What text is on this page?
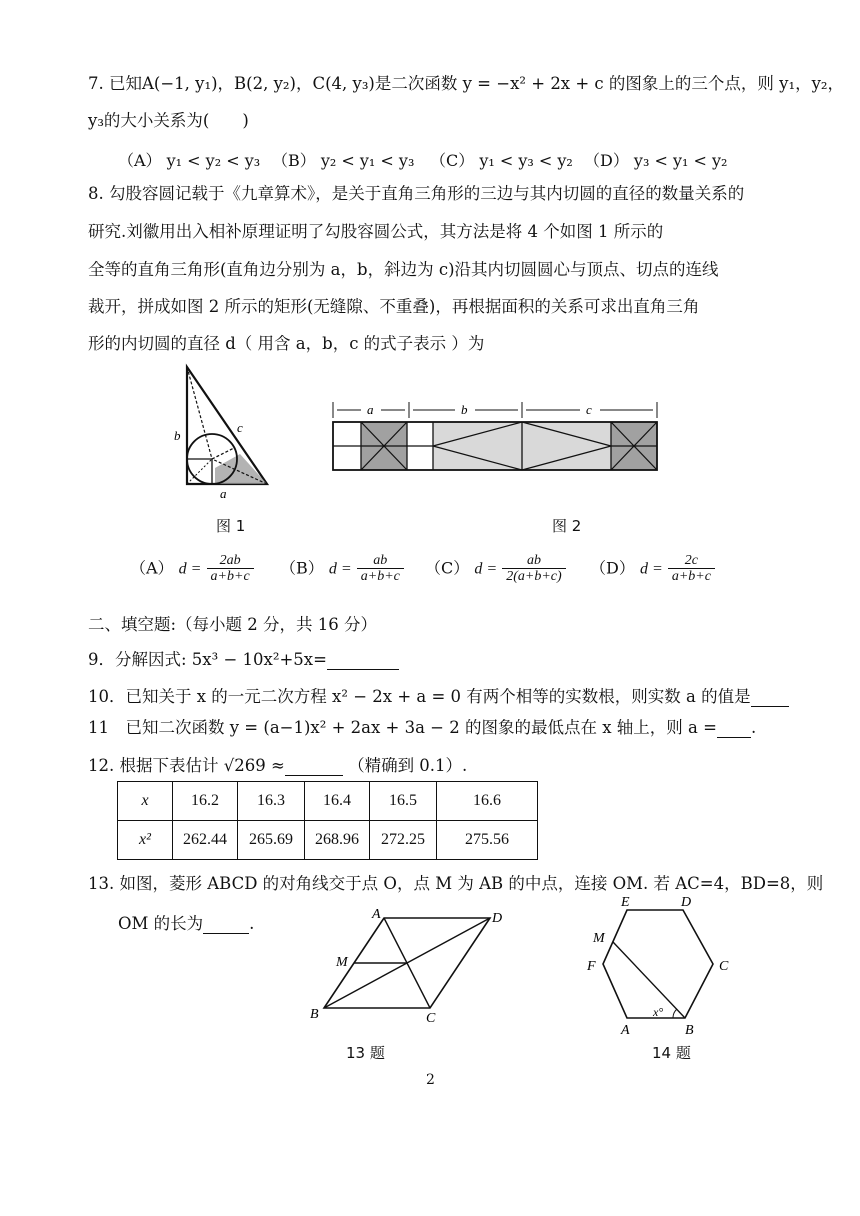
7. 已知A(−1, y₁)，B(2, y₂)，C(4, y₃)是二次函数 y = −x² + 2x + c 的图象上的三个点，则 y₁，y₂，
y₃的大小关系为(　　)
（A） y₁ < y₂ < y₃ （B） y₂ < y₁ < y₃ （C） y₁ < y₃ < y₂ （D） y₃ < y₁ < y₂
8. 勾股容圆记载于《九章算术》，是关于直角三角形的三边与其内切圆的直径的数量关系的
研究.刘徽用出入相补原理证明了勾股容圆公式，其方法是将 4 个如图 1 所示的
全等的直角三角形(直角边分别为 a，b，斜边为 c)沿其内切圆圆心与顶点、切点的连线
裁开，拼成如图 2 所示的矩形(无缝隙、不重叠)，再根据面积的关系可求出直角三角
形的内切圆的直径 d（ 用含 a，b，c 的式子表示 ）为
b
c
a
图 1
a	b	c
图 2
（A） $d = \frac{2ab}{a+b+c} (B) d = \frac{ab}{a+b+c} (C) d = \frac{ab}{2(a+b+c)} (D) d = \frac{2c}{a+b+c}$
二、填空题:（每小题 2 分，共 16 分）
9．分解因式: 5x³ − 10x²+5x=
10．已知关于 x 的一元二次方程 x² − 2x + a = 0 有两个相等的实数根，则实数 a 的值是
11　已知二次函数 y = (a−1)x² + 2ax + 3a − 2 的图象的最低点在 x 轴上，则 a = .
12. 根据下表估计 √269 ≈	（精确到 0.1）.
x	16.2	16.3	16.4	16.5	16.6
x²	262.44	265.69	268.96	272.25	275.56
13. 如图，菱形 ABCD 的对角线交于点 O，点 M 为 AB 的中点，连接 OM. 若 AC=4，BD=8，则
OM 的长为	.	A	D
M
B	C
13 题
E	D
M
F	C
x°
A	B
14 题
2
